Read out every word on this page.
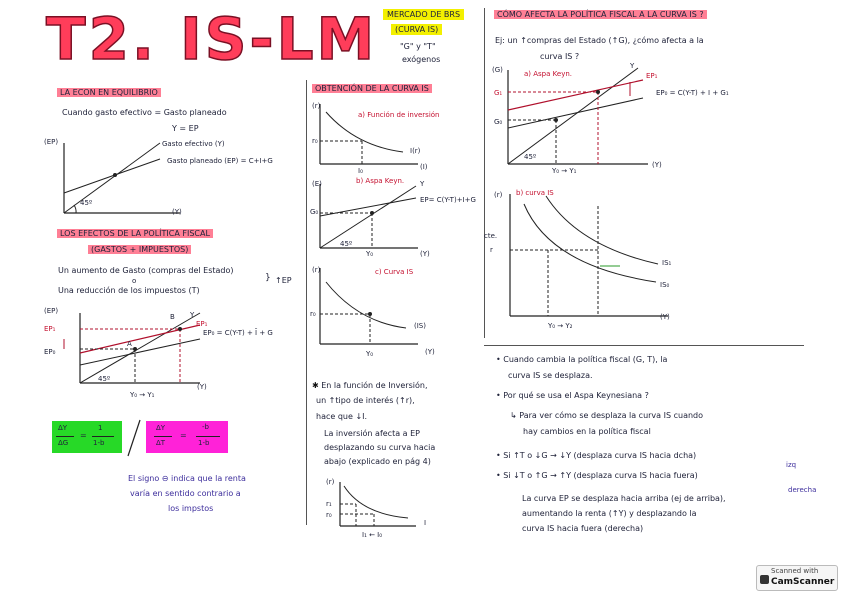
T2. IS-LM	MERCADO DE BRS
(CURVA IS)
"G" y "T"
exógenos
LA ECON EN EQUILIBRIO
Cuando gasto efectivo = Gasto planeado
Y = EP
(EP)	Gasto efectivo (Y)
Gasto planeado (EP) = C+I+G
45º
(Y)
LOS EFECTOS DE LA POLÍTICA FISCAL
(GASTOS + IMPUESTOS)
Un aumento de Gasto (compras del Estado)
o
Una reducción de los impuestos (T)
} ↑EP
(EP)
EP₁
EP₀
B Y
EP₁
EP₀ = C(Y-T) + Ī + G
A
45º
(Y)
Y₀ → Y₁
ΔY
ΔG
=
1
1-b
ΔY
ΔT
=
-b
1-b
El signo ⊖ indica que la renta
varía en sentido contrario a
los impstos
OBTENCIÓN DE LA CURVA IS
(r)
a) Función de inversión
r₀
I(r)
I₀	(I)
(E)	b) Aspa Keyn. Y
EP= C(Y-T)+I+G
G₀
45º
Y₀	(Y)
(r)	c) Curva IS
r₀
(IS)
Y₀	(Y)
✱ En la función de Inversión,
un ↑tipo de interés (↑r),
hace que ↓I.
La inversión afecta a EP
desplazando su curva hacia
abajo (explicado en pág 4)
(r)
r₁
r₀
I₁ ← I₀
I
CÓMO AFECTA LA POLÍTICA FISCAL A LA CURVA IS ?
Ej: un ↑compras del Estado (↑G), ¿cómo afecta a la
curva IS ?
(G)	a) Aspa Keyn.
Y
EP₁
EP₀ = C(Y-T) + I + G₁
G₁
G₀
45º
Y₀ → Y₁
(Y)
(r) b) curva IS
cte.
r
IS₁
IS₀
Y₀ → Y₂
(Y)
• Cuando cambia la política fiscal (G, T), la
curva IS se desplaza.
• Por qué se usa el Aspa Keynesiana ?
↳ Para ver cómo se desplaza la curva IS cuando
hay cambios en la política fiscal
• Si ↑T o ↓G → ↓Y (desplaza curva IS hacia dcha)
izq
• Si ↓T o ↑G → ↑Y (desplaza curva IS hacia fuera)
derecha
La curva EP se desplaza hacia arriba (ej de arriba),
aumentando la renta (↑Y) y desplazando la
curva IS hacia fuera (derecha)
Scanned with
CamScanner
